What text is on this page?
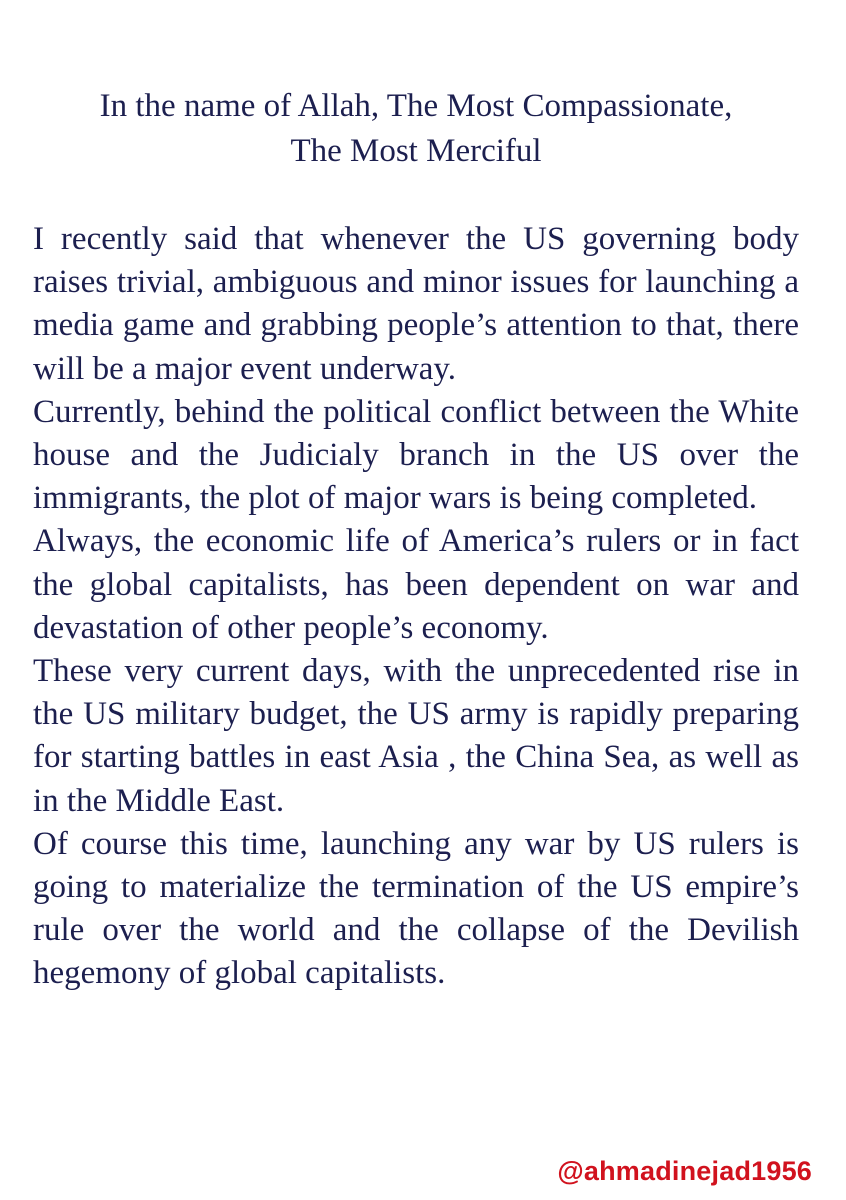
In the name of Allah, The Most Compassionate,
The Most Merciful

I recently said that whenever the US governing body raises trivial, ambiguous and minor issues for launching a media game and grabbing people’s attention to that, there will be a major event underway.

Currently, behind the political conflict between the White house and the Judicialy branch in the US over the immigrants, the plot of major wars is being completed.

Always, the economic life of America’s rulers or in fact the global capitalists, has been dependent on war and devastation of other people’s economy.

These very current days, with the unprecedented rise in the US military budget, the US army is rapidly preparing for starting battles in east Asia , the China Sea, as well as in the Middle East.

Of course this time, launching any war by US rulers is going to materialize the termination of the US empire’s rule over the world and the collapse of the Devilish hegemony of global capitalists.

@ahmadinejad1956
